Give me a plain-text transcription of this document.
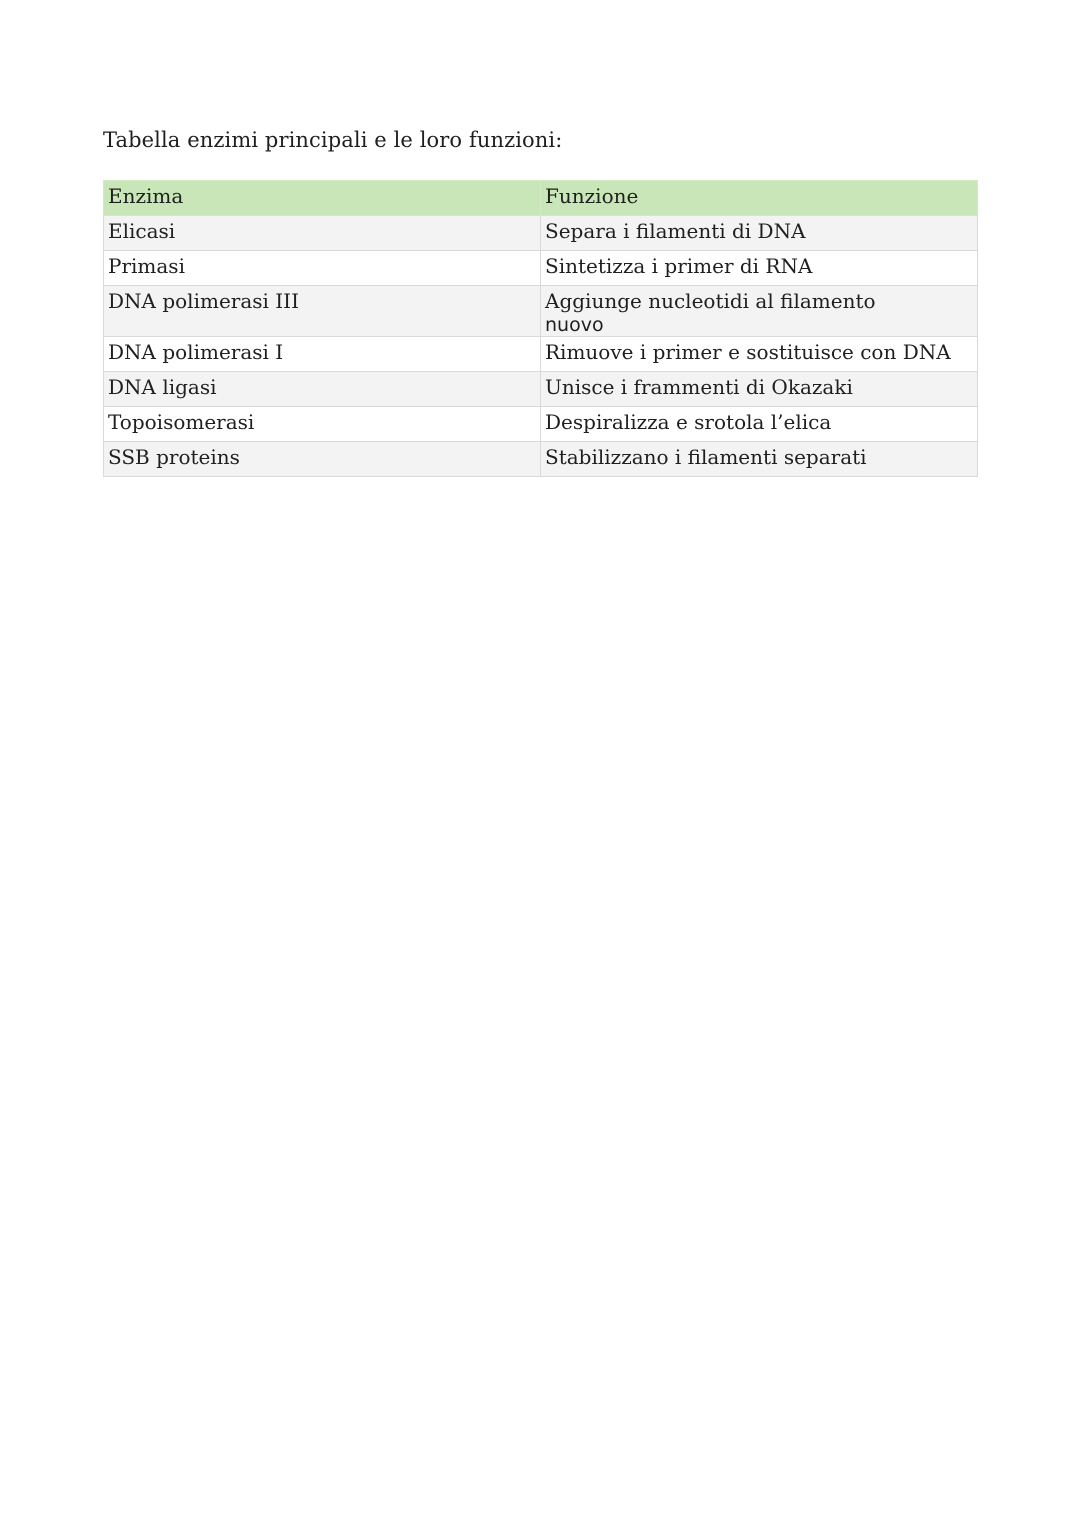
Tabella enzimi principali e le loro funzioni:
Enzima	Funzione
Elicasi	Separa i filamenti di DNA
Primasi	Sintetizza i primer di RNA
DNA polimerasi III	Aggiunge nucleotidi al filamento
nuovo

DNA polimerasi I	Rimuove i primer e sostituisce con DNA
DNA ligasi	Unisce i frammenti di Okazaki
Topoisomerasi	Despiralizza e srotola l’elica
SSB proteins	Stabilizzano i filamenti separati
